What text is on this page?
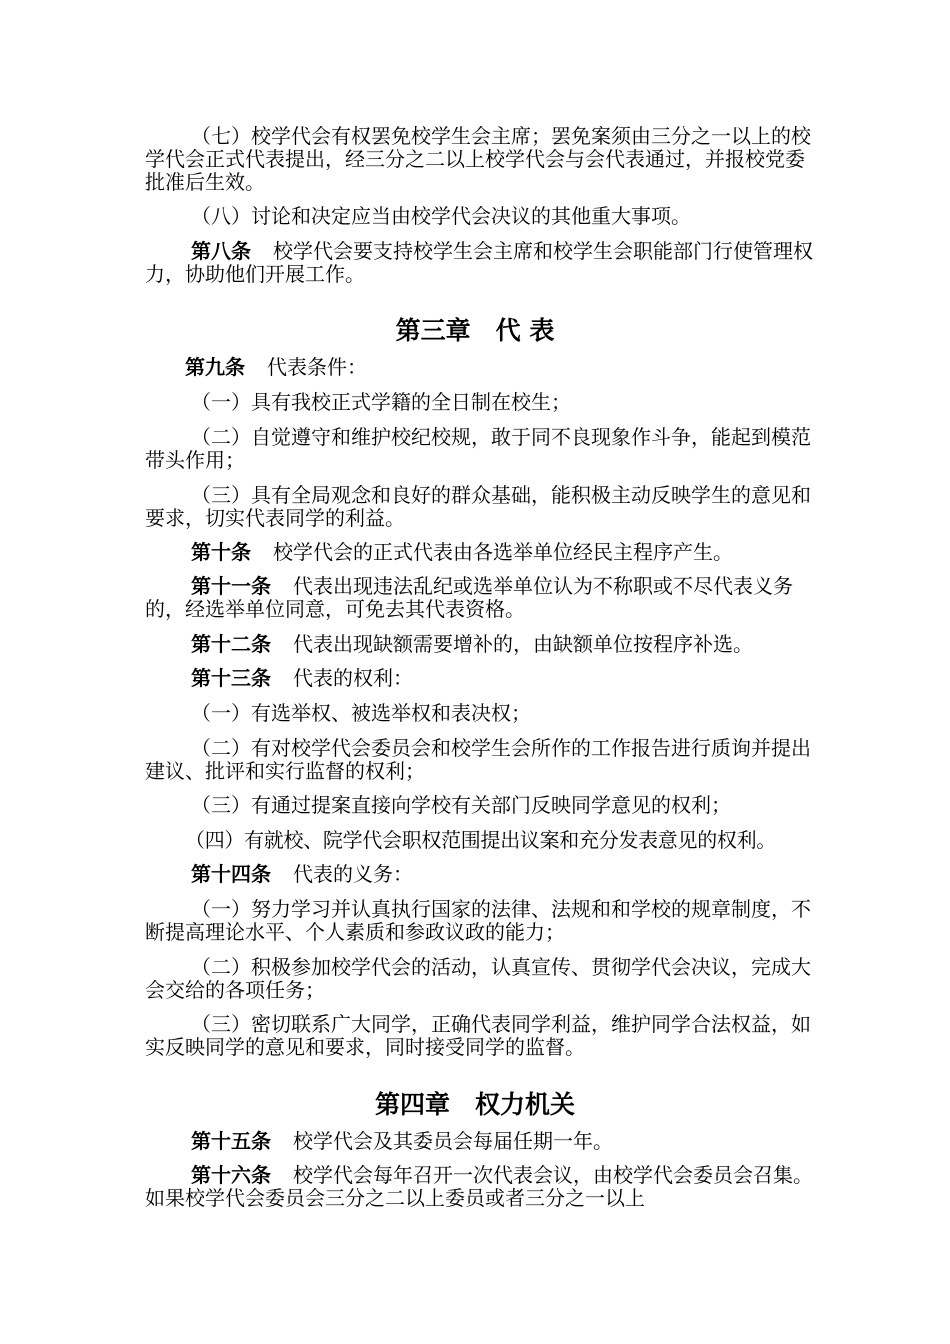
（七）校学代会有权罢免校学生会主席；罢免案须由三分之一以上的校学代会正式代表提出，经三分之二以上校学代会与会代表通过，并报校党委批准后生效。

（八）讨论和决定应当由校学代会决议的其他重大事项。

第八条 校学代会要支持校学生会主席和校学生会职能部门行使管理权力，协助他们开展工作。

第三章　代 表

第九条 代表条件：

（一）具有我校正式学籍的全日制在校生；

（二）自觉遵守和维护校纪校规，敢于同不良现象作斗争，能起到模范带头作用；

（三）具有全局观念和良好的群众基础，能积极主动反映学生的意见和要求，切实代表同学的利益。

第十条 校学代会的正式代表由各选举单位经民主程序产生。

第十一条 代表出现违法乱纪或选举单位认为不称职或不尽代表义务的，经选举单位同意，可免去其代表资格。

第十二条 代表出现缺额需要增补的，由缺额单位按程序补选。

第十三条 代表的权利：

（一）有选举权、被选举权和表决权；

（二）有对校学代会委员会和校学生会所作的工作报告进行质询并提出建议、批评和实行监督的权利；

（三）有通过提案直接向学校有关部门反映同学意见的权利；

（四）有就校、院学代会职权范围提出议案和充分发表意见的权利。

第十四条 代表的义务：

（一）努力学习并认真执行国家的法律、法规和和学校的规章制度，不断提高理论水平、个人素质和参政议政的能力；

（二）积极参加校学代会的活动，认真宣传、贯彻学代会决议，完成大会交给的各项任务；

（三）密切联系广大同学，正确代表同学利益，维护同学合法权益，如实反映同学的意见和要求，同时接受同学的监督。

第四章　权力机关

第十五条 校学代会及其委员会每届任期一年。

第十六条 校学代会每年召开一次代表会议，由校学代会委员会召集。如果校学代会委员会三分之二以上委员或者三分之一以上
